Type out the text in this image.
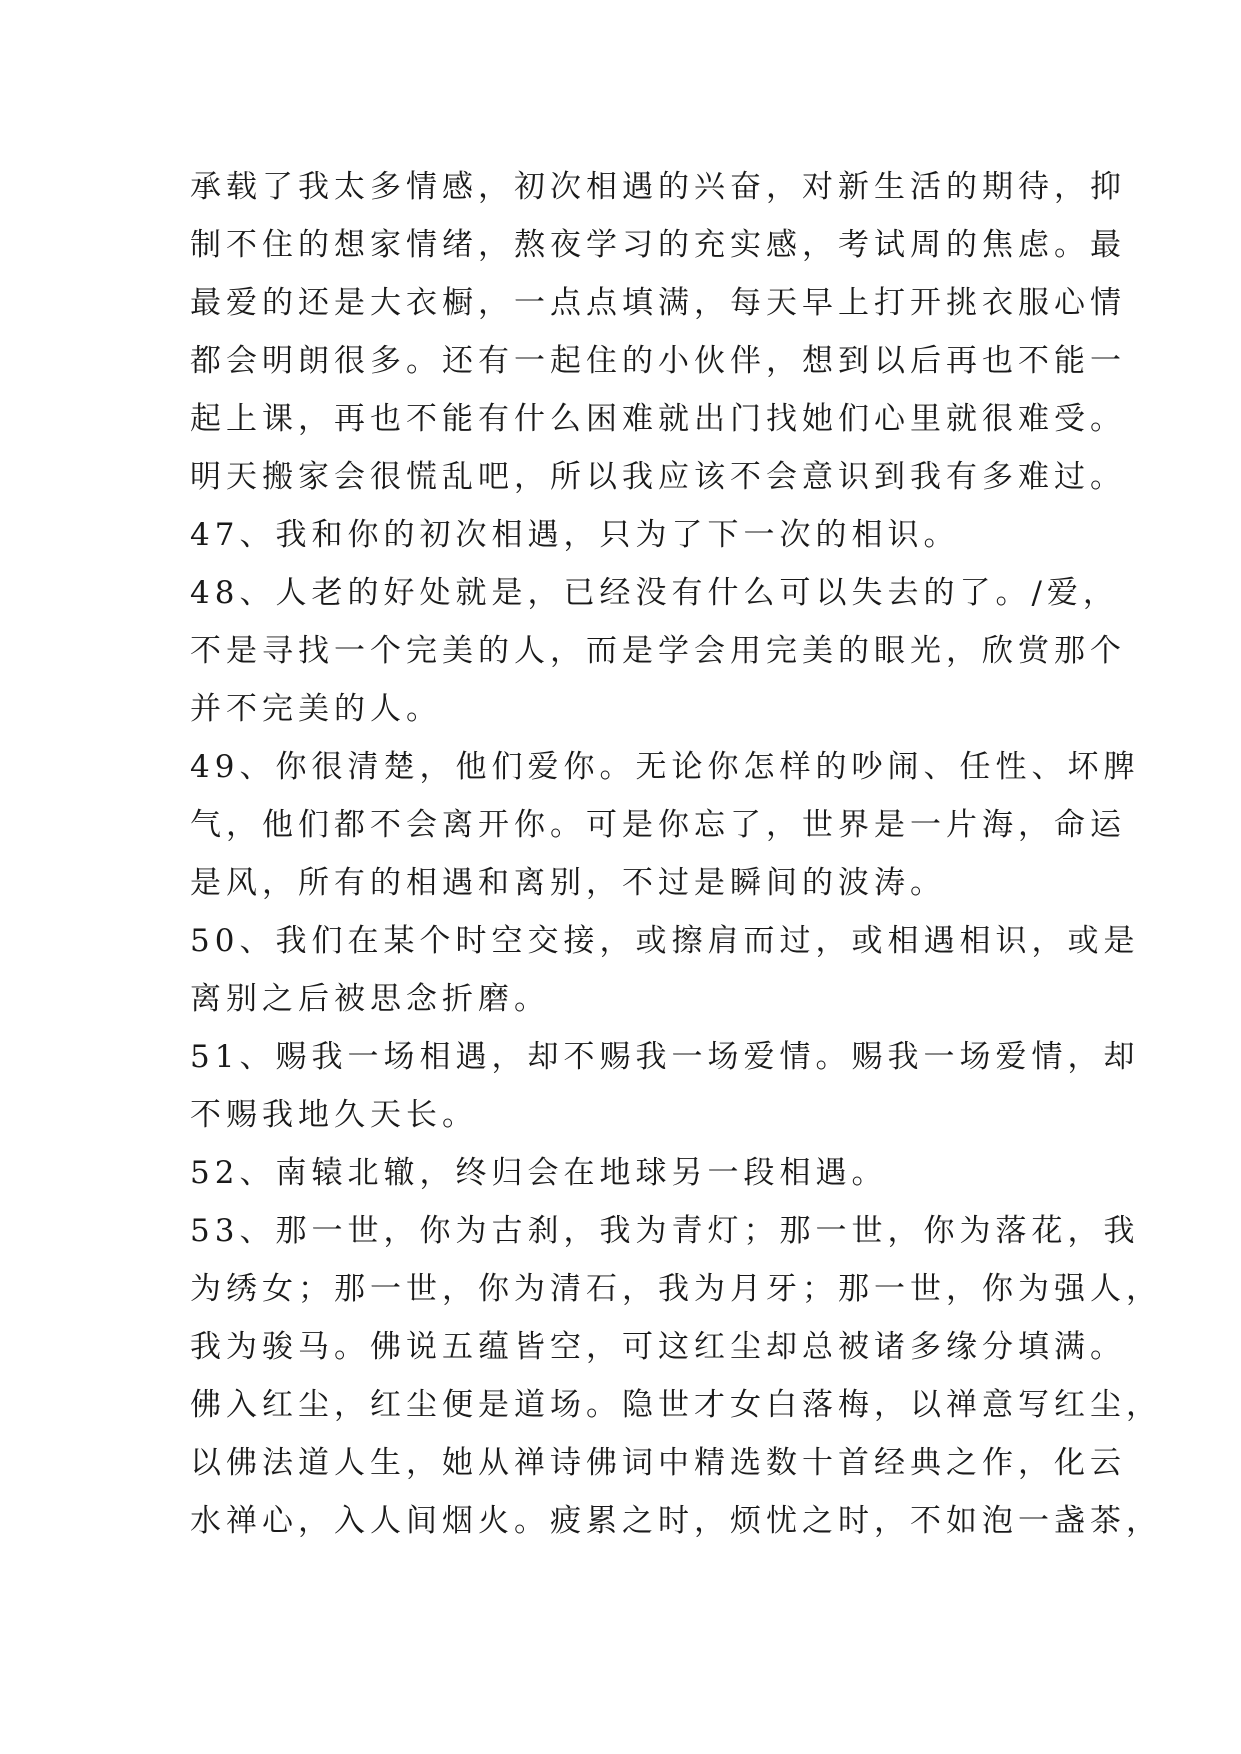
承载了我太多情感，初次相遇的兴奋，对新生活的期待，抑
制不住的想家情绪，熬夜学习的充实感，考试周的焦虑。最
最爱的还是大衣橱，一点点填满，每天早上打开挑衣服心情
都会明朗很多。还有一起住的小伙伴，想到以后再也不能一
起上课，再也不能有什么困难就出门找她们心里就很难受。
明天搬家会很慌乱吧，所以我应该不会意识到我有多难过。
47、我和你的初次相遇，只为了下一次的相识。
48、人老的好处就是，已经没有什么可以失去的了。/爱，
不是寻找一个完美的人，而是学会用完美的眼光，欣赏那个
并不完美的人。
49、你很清楚，他们爱你。无论你怎样的吵闹、任性、坏脾
气，他们都不会离开你。可是你忘了，世界是一片海，命运
是风，所有的相遇和离别，不过是瞬间的波涛。
50、我们在某个时空交接，或擦肩而过，或相遇相识，或是
离别之后被思念折磨。
51、赐我一场相遇，却不赐我一场爱情。赐我一场爱情，却
不赐我地久天长。
52、南辕北辙，终归会在地球另一段相遇。
53、那一世，你为古刹，我为青灯；那一世，你为落花，我
为绣女；那一世，你为清石，我为月牙；那一世，你为强人，
我为骏马。佛说五蕴皆空，可这红尘却总被诸多缘分填满。
佛入红尘，红尘便是道场。隐世才女白落梅，以禅意写红尘，
以佛法道人生，她从禅诗佛词中精选数十首经典之作，化云
水禅心，入人间烟火。疲累之时，烦忧之时，不如泡一盏茶，
